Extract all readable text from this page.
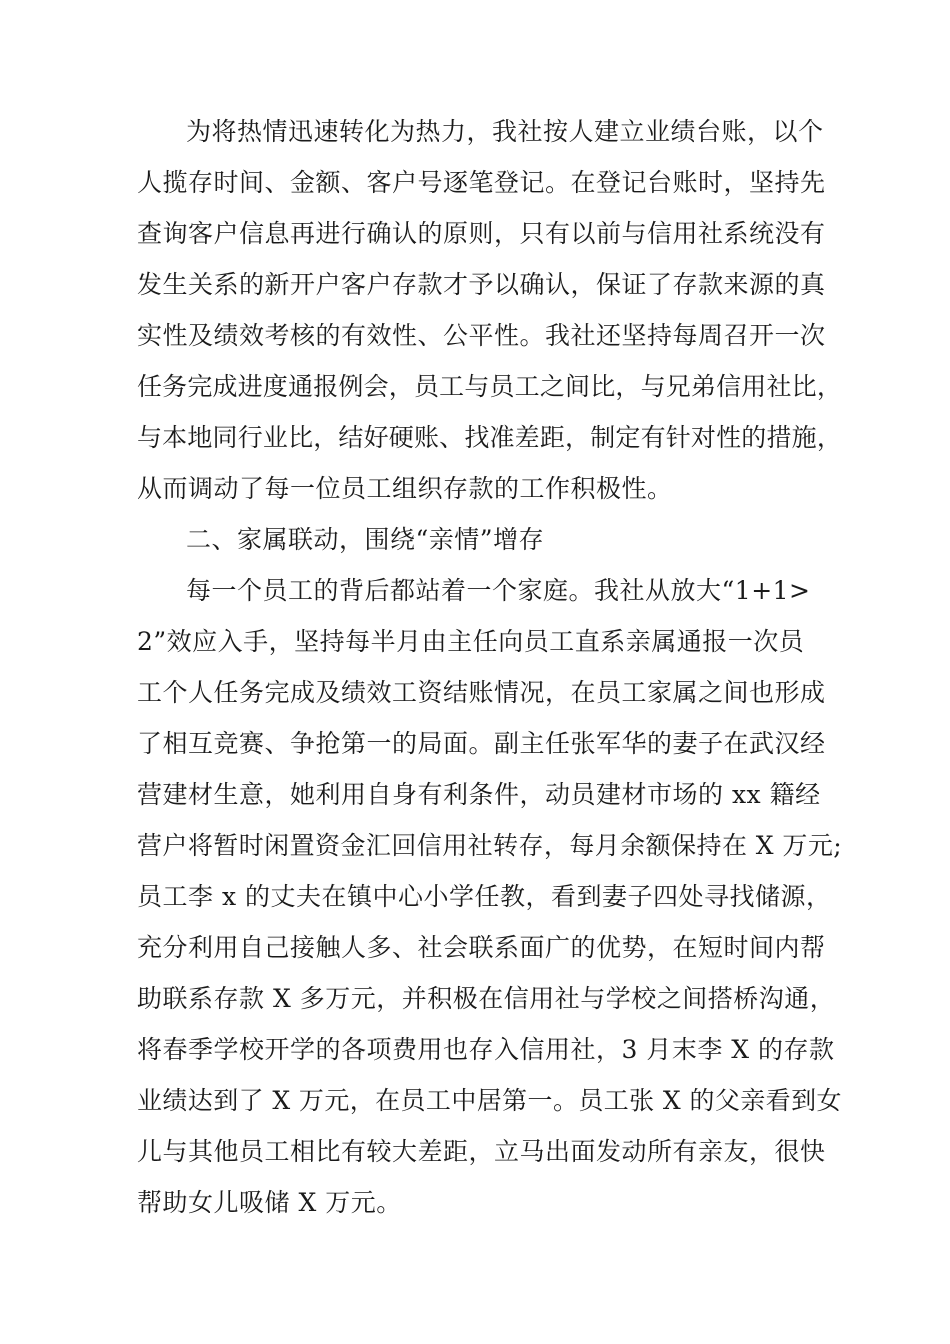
为将热情迅速转化为热力，我社按人建立业绩台账，以个

人揽存时间、金额、客户号逐笔登记。在登记台账时，坚持先

查询客户信息再进行确认的原则，只有以前与信用社系统没有

发生关系的新开户客户存款才予以确认，保证了存款来源的真

实性及绩效考核的有效性、公平性。我社还坚持每周召开一次

任务完成进度通报例会，员工与员工之间比，与兄弟信用社比，

与本地同行业比，结好硬账、找准差距，制定有针对性的措施，

从而调动了每一位员工组织存款的工作积极性。

二、家属联动，围绕“亲情”增存

每一个员工的背后都站着一个家庭。我社从放大“1+1>

2”效应入手，坚持每半月由主任向员工直系亲属通报一次员

工个人任务完成及绩效工资结账情况，在员工家属之间也形成

了相互竞赛、争抢第一的局面。副主任张军华的妻子在武汉经

营建材生意，她利用自身有利条件，动员建材市场的 xx 籍经

营户将暂时闲置资金汇回信用社转存，每月余额保持在 X 万元;

员工李 x 的丈夫在镇中心小学任教，看到妻子四处寻找储源，

充分利用自己接触人多、社会联系面广的优势，在短时间内帮

助联系存款 X 多万元，并积极在信用社与学校之间搭桥沟通，

将春季学校开学的各项费用也存入信用社，3 月末李 X 的存款

业绩达到了 X 万元，在员工中居第一。员工张 X 的父亲看到女

儿与其他员工相比有较大差距，立马出面发动所有亲友，很快

帮助女儿吸储 X 万元。
